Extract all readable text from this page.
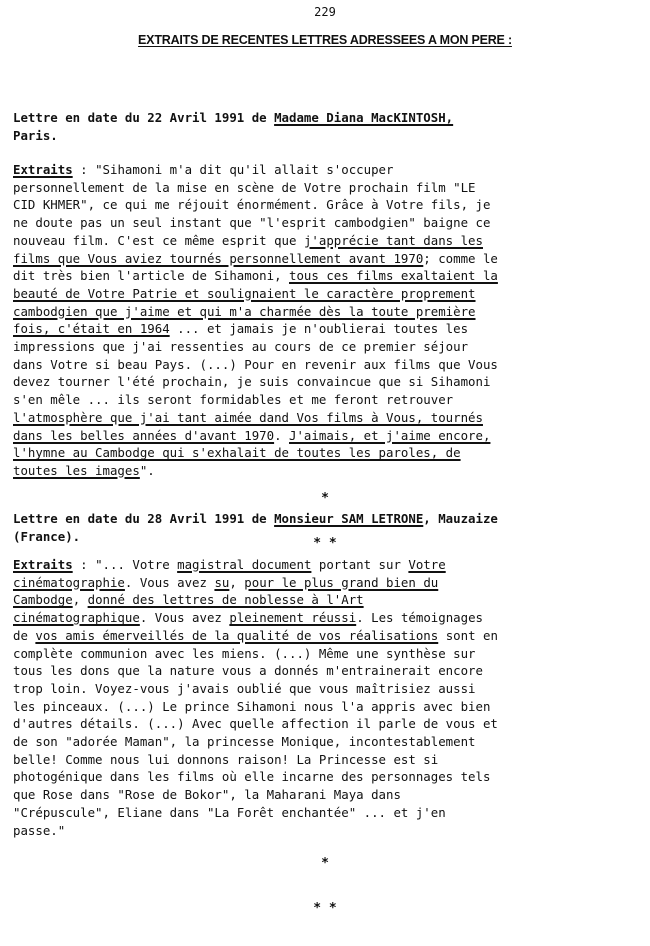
229
EXTRAITS DE RECENTES LETTRES ADRESSEES A MON PERE :
Lettre en date du 22 Avril 1991 de Madame Diana MacKINTOSH,
Paris.
Extraits : "Sihamoni m'a dit qu'il allait s'occuper
personnellement de la mise en scène de Votre prochain film "LE
CID KHMER", ce qui me réjouit énormément. Grâce à Votre fils, je
ne doute pas un seul instant que "l'esprit cambodgien" baigne ce
nouveau film. C'est ce même esprit que j'apprécie tant dans les
films que Vous aviez tournés personnellement avant 1970; comme le
dit très bien l'article de Sihamoni, tous ces films exaltaient la
beauté de Votre Patrie et soulignaient le caractère proprement
cambodgien que j'aime et qui m'a charmée dès la toute première
fois, c'était en 1964 ... et jamais je n'oublierai toutes les
impressions que j'ai ressenties au cours de ce premier séjour
dans Votre si beau Pays. (...) Pour en revenir aux films que Vous
devez tourner l'été prochain, je suis convaincue que si Sihamoni
s'en mêle ... ils seront formidables et me feront retrouver
l'atmosphère que j'ai tant aimée dand Vos films à Vous, tournés
dans les belles années d'avant 1970. J'aimais, et j'aime encore,
l'hymne au Cambodge qui s'exhalait de toutes les paroles, de
toutes les images".

*

* *

Lettre en date du 28 Avril 1991 de Monsieur SAM LETRONE, Mauzaize
(France).
Extraits : "... Votre magistral document portant sur Votre
cinématographie. Vous avez su, pour le plus grand bien du
Cambodge, donné des lettres de noblesse à l'Art
cinématographique. Vous avez pleinement réussi. Les témoignages
de vos amis émerveillés de la qualité de vos réalisations sont en
complète communion avec les miens. (...) Même une synthèse sur
tous les dons que la nature vous a donnés m'entrainerait encore
trop loin. Voyez-vous j'avais oublié que vous maîtrisiez aussi
les pinceaux. (...) Le prince Sihamoni nous l'a appris avec bien
d'autres détails. (...) Avec quelle affection il parle de vous et
de son "adorée Maman", la princesse Monique, incontestablement
belle! Comme nous lui donnons raison! La Princesse est si
photogénique dans les films où elle incarne des personnages tels
que Rose dans "Rose de Bokor", la Maharani Maya dans
"Crépuscule", Eliane dans "La Forêt enchantée" ... et j'en
passe."

*

* *
